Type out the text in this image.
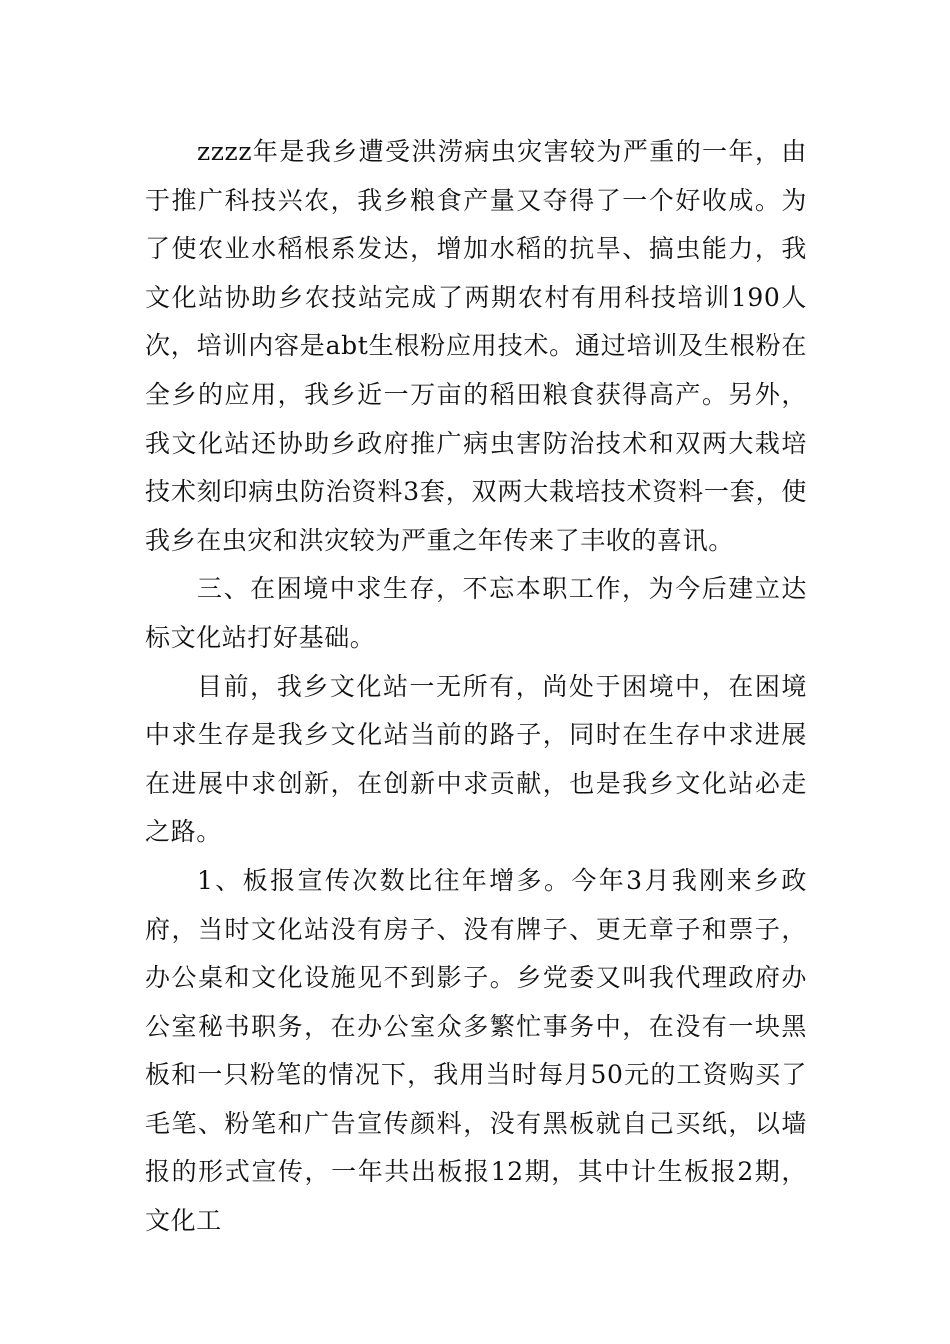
zzzz年是我乡遭受洪涝病虫灾害较为严重的一年，由于推广科技兴农，我乡粮食产量又夺得了一个好收成。为了使农业水稻根系发达，增加水稻的抗旱、搞虫能力，我文化站协助乡农技站完成了两期农村有用科技培训190人次，培训内容是abt生根粉应用技术。通过培训及生根粉在全乡的应用，我乡近一万亩的稻田粮食获得高产。另外，我文化站还协助乡政府推广病虫害防治技术和双两大栽培技术刻印病虫防治资料3套，双两大栽培技术资料一套，使我乡在虫灾和洪灾较为严重之年传来了丰收的喜讯。

三、在困境中求生存，不忘本职工作，为今后建立达标文化站打好基础。

目前，我乡文化站一无所有，尚处于困境中，在困境中求生存是我乡文化站当前的路子，同时在生存中求进展在进展中求创新，在创新中求贡献，也是我乡文化站必走之路。

1、板报宣传次数比往年增多。今年3月我刚来乡政府，当时文化站没有房子、没有牌子、更无章子和票子，办公桌和文化设施见不到影子。乡党委又叫我代理政府办公室秘书职务，在办公室众多繁忙事务中，在没有一块黑板和一只粉笔的情况下，我用当时每月50元的工资购买了毛笔、粉笔和广告宣传颜料，没有黑板就自己买纸，以墙报的形式宣传，一年共出板报12期，其中计生板报2期，文化工
